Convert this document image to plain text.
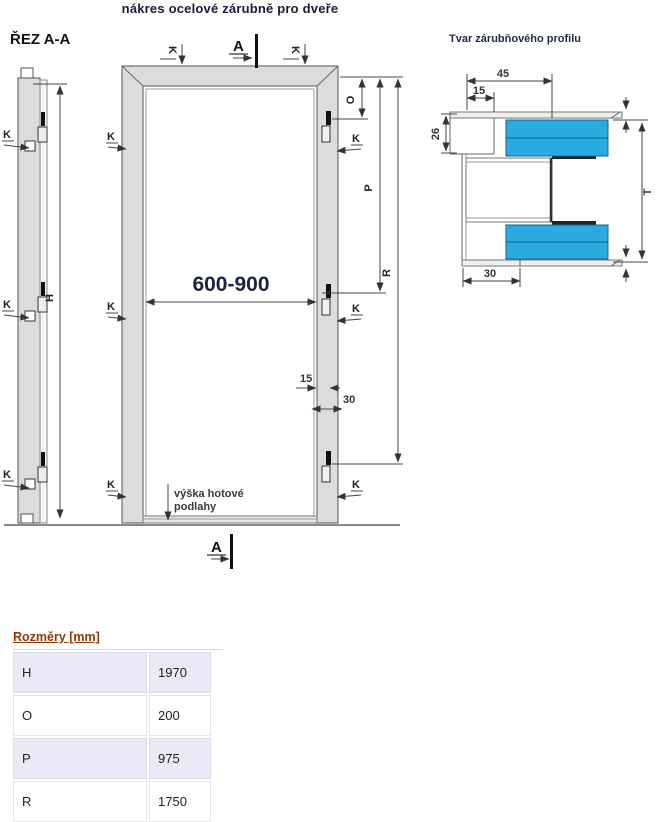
nákres ocelové zárubně pro dveře
ŘEZ A-A	Tvar zárubňového profilu
H
K
K
K
K	K
A
A
600-900
K
K
K
K
K
K
O
P
R
15
30
výška hotové
podlahy
45
15
26
30
T
Rozměry [mm]
H	1970
O	200
P	975
R	1750
